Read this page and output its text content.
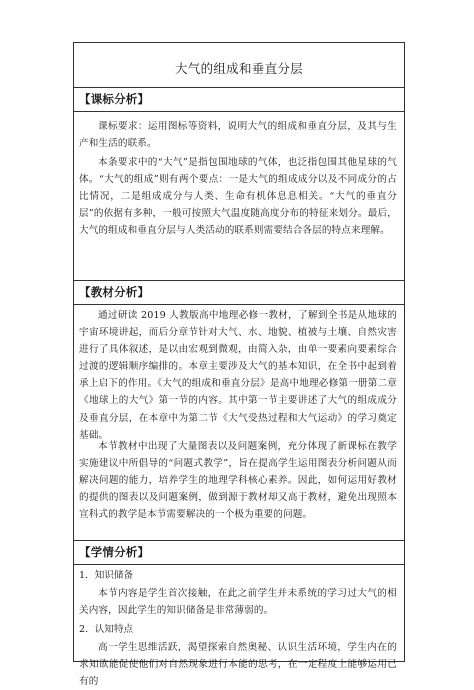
大气的组成和垂直分层
【课标分析】
课标要求：运用图标等资料，说明大气的组成和垂直分层，及其与生产和生活的联系。
本条要求中的“大气”是指包围地球的气体，也泛指包围其他星球的气体。“大气的组成”则有两个要点：一是大气的组成成分以及不同成分的占比情况，二是组成成分与人类、生命有机体息息相关。“大气的垂直分层”的依据有多种，一般可按照大气温度随高度分布的特征来划分。最后，大气的组成和垂直分层与人类活动的联系则需要结合各层的特点来理解。
【教材分析】
通过研读 2019 人教版高中地理必修一教材，了解到全书是从地球的宇宙环境讲起，而后分章节针对大气、水、地貌、植被与土壤、自然灾害进行了具体叙述，是以由宏观到微观，由简入杂，由单一要素向要素综合过渡的逻辑顺序编排的。本章主要涉及大气的基本知识，在全书中起到着承上启下的作用。《大气的组成和垂直分层》是高中地理必修第一册第二章《地球上的大气》第一节的内容。其中第一节主要讲述了大气的组成成分及垂直分层，在本章中为第二节《大气受热过程和大气运动》的学习奠定基础。
本节教材中出现了大量图表以及问题案例，充分体现了新课标在教学实施建议中所倡导的“问题式教学”，旨在提高学生运用图表分析问题从而解决问题的能力，培养学生的地理学科核心素养。因此，如何运用好教材的提供的图表以及问题案例，做到源于教材却又高于教材，避免出现照本宣科式的教学是本节需要解决的一个极为重要的问题。
【学情分析】
1．知识储备
本节内容是学生首次接触，在此之前学生并未系统的学习过大气的相关内容，因此学生的知识储备是非常薄弱的。
2．认知特点
高一学生思维活跃，渴望探索自然奥秘、认识生活环境，学生内在的求知欲能促使他们对自然现象进行本能的思考，在一定程度上能够运用已有的
